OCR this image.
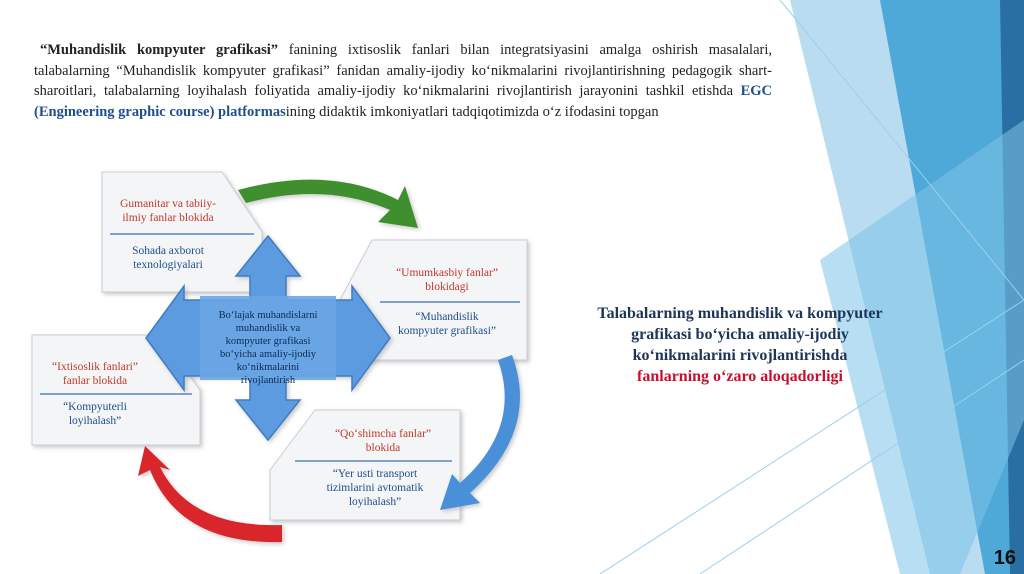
“Muhandislik kompyuter grafikasi” fanining ixtisoslik fanlari bilan integratsiyasini amalga oshirish masalalari, talabalarning “Muhandislik kompyuter grafikasi” fanidan amaliy-ijodiy ko‘nikmalarini rivojlantirishning pedagogik shart-sharoitlari, talabalarning loyihalash foliyatida amaliy-ijodiy ko‘nikmalarini rivojlantirish jarayonini tashkil etishda EGC (Engineering graphic course) platformasining didaktik imkoniyatlari tadqiqotimizda o‘z ifodasini topgan
Bo‘lajak muhandislarni
muhandislik va
kompyuter grafikasi
bo‘yicha amaliy-ijodiy
ko‘nikmalarini
rivojlantirish
Gumanitar va tabiiy-
ilmiy fanlar blokida
Sohada axborot
texnologiyalari
“Umumkasbiy fanlar”
blokidagi
“Muhandislik
kompyuter grafikasi”
“Ixtisoslik fanlari”
fanlar blokida
“Kompyuterli
loyihalash”
“Qo‘shimcha fanlar”
blokida
“Yer usti transport
tizimlarini avtomatik
loyihalash”
Talabalarning muhandislik va kompyuter
grafikasi bo‘yicha amaliy-ijodiy
ko‘nikmalarini rivojlantirishda
fanlarning o‘zaro aloqadorligi
16
